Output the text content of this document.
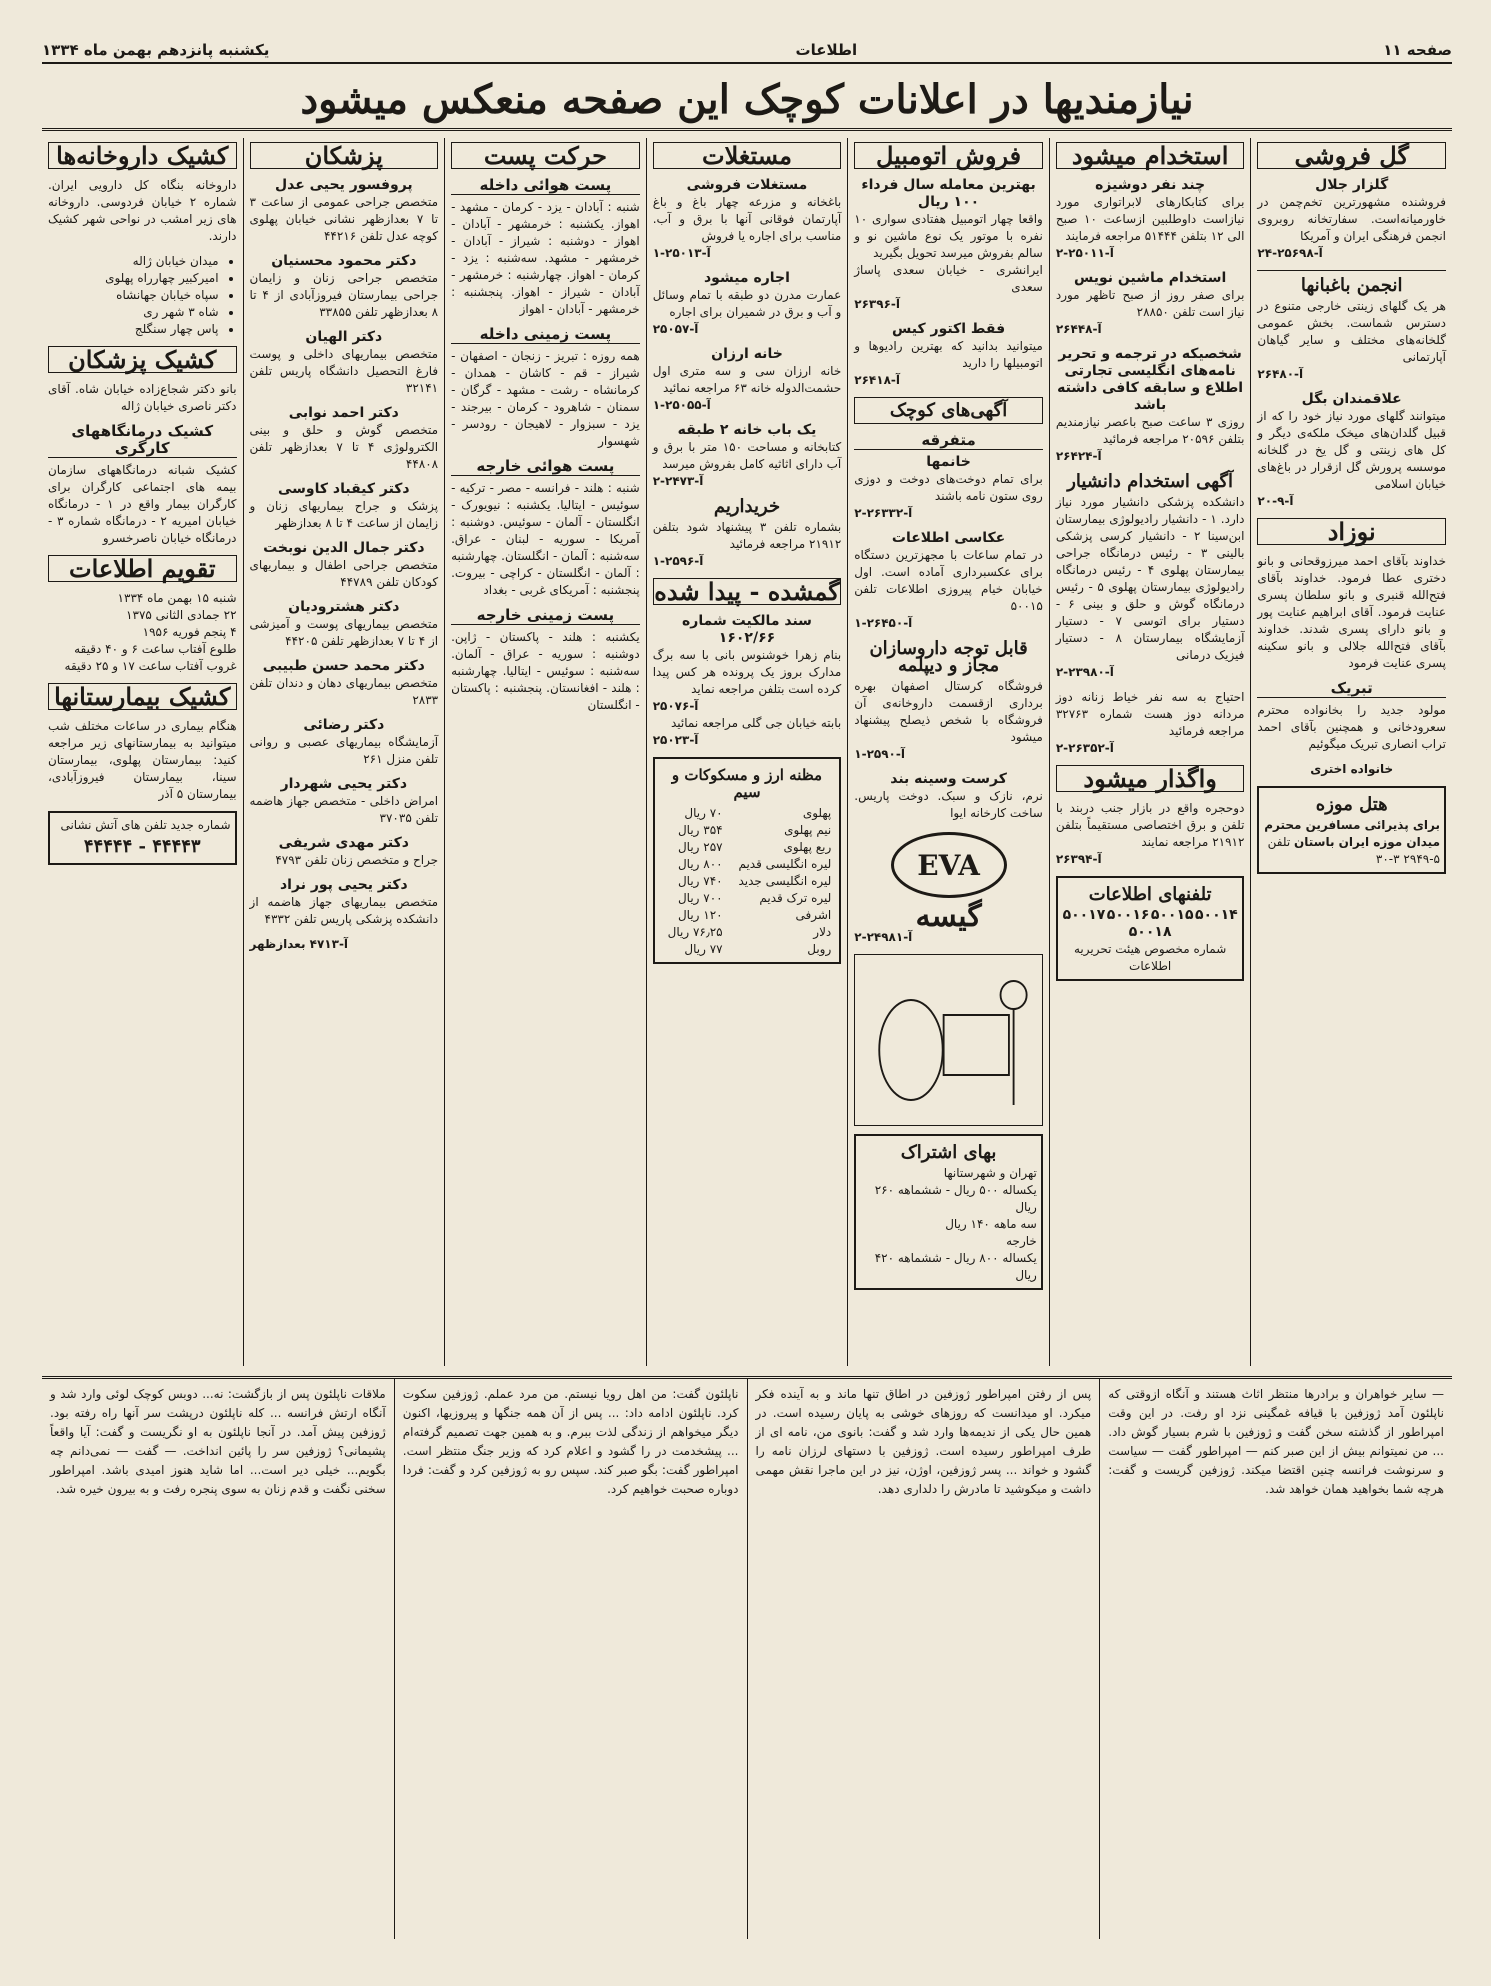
صفحه ۱۱
اطلاعات
یکشنبه پانزدهم بهمن ماه ۱۳۳۴
نیازمندیها در اعلانات کوچک این صفحه منعکس میشود
گل فروشی
گلزار جلال
فروشنده مشهورترین تخم‌چمن در خاورمیانه‌است. سفارتخانه روبروی انجمن فرهنگی ایران و آمریکا
آ-۲۵۶۹۸-۲۴
انجمن باغبانها
هر یک گلهای زینتی خارجی متنوع در دسترس شماست. بخش عمومی گلخانه‌های مختلف و سایر گیاهان آپارتمانی
آ-۲۶۴۸۰
علاقمندان بگل
میتوانند گلهای مورد نیاز خود را که از قبیل گلدان‌های میخک ملکه‌ی دیگر و کل های زینتی و گل یخ در گلخانه موسسه پرورش گل ازقرار در باغ‌های خیابان اسلامی
آ-۹-۲۰
نوزاد
خداوند بآقای احمد میرزوقحانی و بانو دختری عطا فرمود. خداوند بآقای فتح‌الله قنبری و بانو سلطان پسری عنایت فرمود. آقای ابراهیم عنایت پور و بانو دارای پسری شدند. خداوند بآقای فتح‌الله جلالی و بانو سکینه پسری عنایت فرمود
تبریک
مولود جدید را بخانواده محترم سعرودخانی و همچنین بآقای احمد تراب انصاری تبریک میگوئیم
خانواده اختری
هتل موزه
برای پذیرائی مسافرین محترم میدان موزه ایران باستان تلفن ۵-۲۹۴۹ ۳-۳۰
استخدام میشود
چند نفر دوشیزه
برای کتابکارهای لابراتواری مورد نیازاست داوطلبین ازساعت ۱۰ صبح الی ۱۲ بتلفن ۵۱۴۴۴ مراجعه فرمایند
آ-۲۵۰۱۱-۲
استخدام ماشین نویس
برای صفر روز از صبح تاظهر مورد نیاز است تلفن ۲۸۸۵۰
آ-۲۶۴۴۸
شخصیکه در ترجمه و تحریر نامه‌های انگلیسی تجارتی اطلاع و سابقه کافی داشته باشد
روزی ۳ ساعت صبح باعصر نیازمندیم بتلفن ۲۰۵۹۶ مراجعه فرمائید
آ-۲۶۴۲۴
آگهی استخدام دانشیار
دانشکده پزشکی دانشیار مورد نیاز دارد. ۱ - دانشیار رادیولوژی بیمارستان ابن‌سینا ۲ - دانشیار کرسی پزشکی بالینی ۳ - رئیس درمانگاه جراحی بیمارستان پهلوی ۴ - رئیس درمانگاه رادیولوژی بیمارستان پهلوی ۵ - رئیس درمانگاه گوش و حلق و بینی ۶ - دستیار برای اتوسی ۷ - دستیار آزمایشگاه بیمارستان ۸ - دستیار فیزیک درمانی
آ-۲۳۹۸۰-۲
احتیاج به سه نفر خیاط زنانه دوز مردانه دوز هست شماره ۳۲۷۶۳ مراجعه فرمائید
آ-۲۶۳۵۲-۲
واگذار میشود
دوحجره واقع در بازار جنب دربند با تلفن و برق اختصاصی مستقیماً بتلفن ۲۱۹۱۲ مراجعه نمایند
آ-۲۶۳۹۴
تلفنهای اطلاعات
۵۰۰۱۴
۵۰۰۱۵
۵۰۰۱۶
۵۰۰۱۷
۵۰۰۱۸
شماره مخصوص هیئت تحریریه اطلاعات
فروش اتومبیل
بهترین معامله سال فرداء ۱۰۰ ریال
واقعا چهار اتومبیل هفتادی سواری ۱۰ نفره با موتور یک نوع ماشین نو و سالم بفروش میرسد تحویل بگیرید
ایرانشری - خیابان سعدی پاساژ سعدی
آ-۲۶۳۹۶
فقط اکتور کیس
میتوانید بدانید که بهترین رادیوها و اتومبیلها را دارید
آ-۲۶۴۱۸
آگهی‌های کوچک
متفرقه
خانمها
برای تمام دوخت‌های دوخت و دوزی روی ستون نامه باشند
آ-۲۶۳۳۲-۲
عکاسی اطلاعات
در تمام ساعات با مجهزترین دستگاه برای عکسبرداری آماده است. اول خیابان خیام پیروزی اطلاعات تلفن ۵۰۰۱۵
آ-۲۶۴۵۰-۱
قابل توجه داروسازان مجاز و دیپلمه
فروشگاه کرستال اصفهان بهره برداری ازقسمت داروخانه‌ی آن فروشگاه با شخص ذیصلح پیشنهاد میشود
آ-۲۵۹۰-۱
کرست وسینه بند
نرم، نازک و سبک. دوخت پاریس. ساخت کارخانه ایوا
EVA
گیسه
آ-۲۴۹۸۱-۲
بهای اشتراک
تهران و شهرستانها
یکساله ۵۰۰ ریال - ششماهه ۲۶۰ ریال
سه ماهه ۱۴۰ ریال
خارجه
یکساله ۸۰۰ ریال - ششماهه ۴۲۰ ریال
مستغلات
مستغلات فروشی
باغخانه و مزرعه چهار باغ و باغ آپارتمان فوقانی آنها با برق و آب. مناسب برای اجاره یا فروش
آ-۲۵۰۱۳-۱
اجاره میشود
عمارت مدرن دو طبقه با تمام وسائل و آب و برق در شمیران برای اجاره
آ-۲۵۰۵۷
خانه ارزان
خانه ارزان سی و سه متری اول حشمت‌الدوله خانه ۶۳ مراجعه نمائید
آ-۲۵۰۵۵-۱
یک باب خانه ۲ طبقه
کتابخانه و مساحت ۱۵۰ متر با برق و آب دارای اثاثیه کامل بفروش میرسد
آ-۲۴۷۳-۲
خریداریم
بشماره تلفن ۳ پیشنهاد شود بتلفن ۲۱۹۱۲ مراجعه فرمائید
آ-۲۵۹۶-۱
گمشده - پیدا شده
سند مالکیت شماره ۱۶۰۲/۶۶
بنام زهرا خوشنوس بانی با سه برگ مدارک بروز یک پرونده هر کس پیدا کرده است بتلفن مراجعه نماید
آ-۲۵۰۷۶
بابته خیابان جی گلی مراجعه نمائید
آ-۲۵۰۲۳
مظنه ارز و مسکوکات و سیم
پهلوی	۷۰ ریال
نیم پهلوی	۳۵۴ ریال
ربع پهلوی	۲۵۷ ریال
لیره انگلیسی قدیم	۸۰۰ ریال
لیره انگلیسی جدید	۷۴۰ ریال
لیره ترک قدیم	۷۰۰ ریال
اشرفی	۱۲۰ ریال
دلار	۷۶٫۲۵ ریال
روبل	۷۷ ریال
حرکت پست
پست هوائی داخله
شنبه : آبادان - یزد - کرمان - مشهد - اهواز. یکشنبه : خرمشهر - آبادان - اهواز - دوشنبه : شیراز - آبادان - خرمشهر - مشهد. سه‌شنبه : یزد - کرمان - اهواز. چهارشنبه : خرمشهر - آبادان - شیراز - اهواز. پنجشنبه : خرمشهر - آبادان - اهواز
پست زمینی داخله
همه روزه : تبریز - زنجان - اصفهان - شیراز - قم - کاشان - همدان - کرمانشاه - رشت - مشهد - گرگان - سمنان - شاهرود - کرمان - بیرجند - یزد - سبزوار - لاهیجان - رودسر - شهسوار
پست هوائی خارجه
شنبه : هلند - فرانسه - مصر - ترکیه - سوئیس - ایتالیا. یکشنبه : نیویورک - انگلستان - آلمان - سوئیس. دوشنبه : آمریکا - سوریه - لبنان - عراق. سه‌شنبه : آلمان - انگلستان. چهارشنبه : آلمان - انگلستان - کراچی - بیروت. پنجشنبه : آمریکای غربی - بغداد
پست زمینی خارجه
یکشنبه : هلند - پاکستان - ژاپن. دوشنبه : سوریه - عراق - آلمان. سه‌شنبه : سوئیس - ایتالیا. چهارشنبه : هلند - افغانستان. پنجشنبه : پاکستان - انگلستان
پزشکان
پروفسور یحیی عدل
متخصص جراحی عمومی از ساعت ۳ تا ۷ بعدازظهر نشانی خیابان پهلوی کوچه عدل تلفن ۴۴۲۱۶
دکتر محمود محسنیان
متخصص جراحی زنان و زایمان جراحی بیمارستان فیروزآبادی از ۴ تا ۸ بعدازظهر تلفن ۳۳۸۵۵
دکتر الهیان
متخصص بیماریهای داخلی و پوست فارغ التحصیل دانشگاه پاریس تلفن ۳۲۱۴۱
دکتر احمد نوابی
متخصص گوش و حلق و بینی الکترولوژی ۴ تا ۷ بعدازظهر تلفن ۴۴۸۰۸
دکتر کیقباد کاوسی
پزشک و جراح بیماریهای زنان و زایمان از ساعت ۴ تا ۸ بعدازظهر
دکتر جمال الدین نوبخت
متخصص جراحی اطفال و بیماریهای کودکان تلفن ۴۴۷۸۹
دکتر هشترودیان
متخصص بیماریهای پوست و آمیزشی از ۴ تا ۷ بعدازظهر تلفن ۴۴۲۰۵
دکتر محمد حسن طبیبی
متخصص بیماریهای دهان و دندان تلفن ۲۸۳۳
دکتر رضائی
آزمایشگاه بیماریهای عصبی و روانی تلفن منزل ۲۶۱
دکتر یحیی شهردار
امراض داخلی - متخصص جهاز هاضمه تلفن ۳۷۰۳۵
دکتر مهدی شریفی
جراح و متخصص زنان تلفن ۴۷۹۳
دکتر یحیی پور نراد
متخصص بیماریهای جهاز هاضمه از دانشکده پزشکی پاریس تلفن ۴۳۳۲
آ-۴۷۱۳ بعدازظهر
کشیک داروخانه‌ها
داروخانه بنگاه کل دارویی ایران. شماره ۲ خیابان فردوسی. داروخانه های زیر امشب در نواحی شهر کشیک دارند.
• میدان خیابان ژاله
• امیرکبیر چهارراه پهلوی
• سپاه خیابان جهانشاه
• شاه ۳ شهر ری
• پاس چهار سنگلج
کشیک پزشکان
بانو دکتر شجاع‌زاده خیابان شاه. آقای دکتر ناصری خیابان ژاله
کشیک درمانگاههای کارگری
کشیک شبانه درمانگاههای سازمان بیمه های اجتماعی کارگران برای کارگران بیمار واقع در ۱ - درمانگاه خیابان امیریه ۲ - درمانگاه شماره ۳ - درمانگاه خیابان ناصرخسرو
تقویم اطلاعات
شنبه ۱۵ بهمن ماه ۱۳۳۴
۲۲ جمادی الثانی ۱۳۷۵
۴ پنجم فوریه ۱۹۵۶
طلوع آفتاب ساعت ۶ و ۴۰ دقیقه
غروب آفتاب ساعت ۱۷ و ۲۵ دقیقه
کشیک بیمارستانها
هنگام بیماری در ساعات مختلف شب میتوانید به بیمارستانهای زیر مراجعه کنید: بیمارستان پهلوی، بیمارستان سینا، بیمارستان فیروزآبادی، بیمارستان ۵ آذر
شماره جدید تلفن های آتش نشانی
۴۴۴۴۳ - ۴۴۴۴۴

— سایر خواهران و برادرها منتظر اثاث هستند و آنگاه ازوقتی که ناپلئون آمد ژوزفین با قیافه غمگینی نزد او رفت. در این وقت امپراطور از گذشته سخن گفت و ژوزفین با شرم بسیار گوش داد. ... من نمیتوانم بیش از این صبر کنم — امپراطور گفت — سیاست و سرنوشت فرانسه چنین اقتضا میکند. ژوزفین گریست و گفت: هرچه شما بخواهید همان خواهد شد.

پس از رفتن امپراطور ژوزفین در اطاق تنها ماند و به آینده فکر میکرد. او میدانست که روزهای خوشی به پایان رسیده است. در همین حال یکی از ندیمه‌ها وارد شد و گفت: بانوی من، نامه ای از طرف امپراطور رسیده است. ژوزفین با دستهای لرزان نامه را گشود و خواند ... پسر ژوزفین، اوژن، نیز در این ماجرا نقش مهمی داشت و میکوشید تا مادرش را دلداری دهد.

ناپلئون گفت: من اهل رویا نیستم. من مرد عملم. ژوزفین سکوت کرد. ناپلئون ادامه داد: ... پس از آن همه جنگها و پیروزیها، اکنون دیگر میخواهم از زندگی لذت ببرم. و به همین جهت تصمیم گرفته‌ام ... پیشخدمت در را گشود و اعلام کرد که وزیر جنگ منتظر است. امپراطور گفت: بگو صبر کند. سپس رو به ژوزفین کرد و گفت: فردا دوباره صحبت خواهیم کرد.

ملاقات ناپلئون پس از بازگشت: نه... دوبس کوچک لوئی وارد شد و آنگاه ارتش فرانسه ... کله ناپلئون درپشت سر آنها راه رفته بود. ژوزفین پیش آمد. در آنجا ناپلئون به او نگریست و گفت: آیا واقعاً پشیمانی؟ ژوزفین سر را پائین انداخت. — گفت — نمی‌دانم چه بگویم... خیلی دیر است... اما شاید هنوز امیدی باشد. امپراطور سخنی نگفت و قدم زنان به سوی پنجره رفت و به بیرون خیره شد.
